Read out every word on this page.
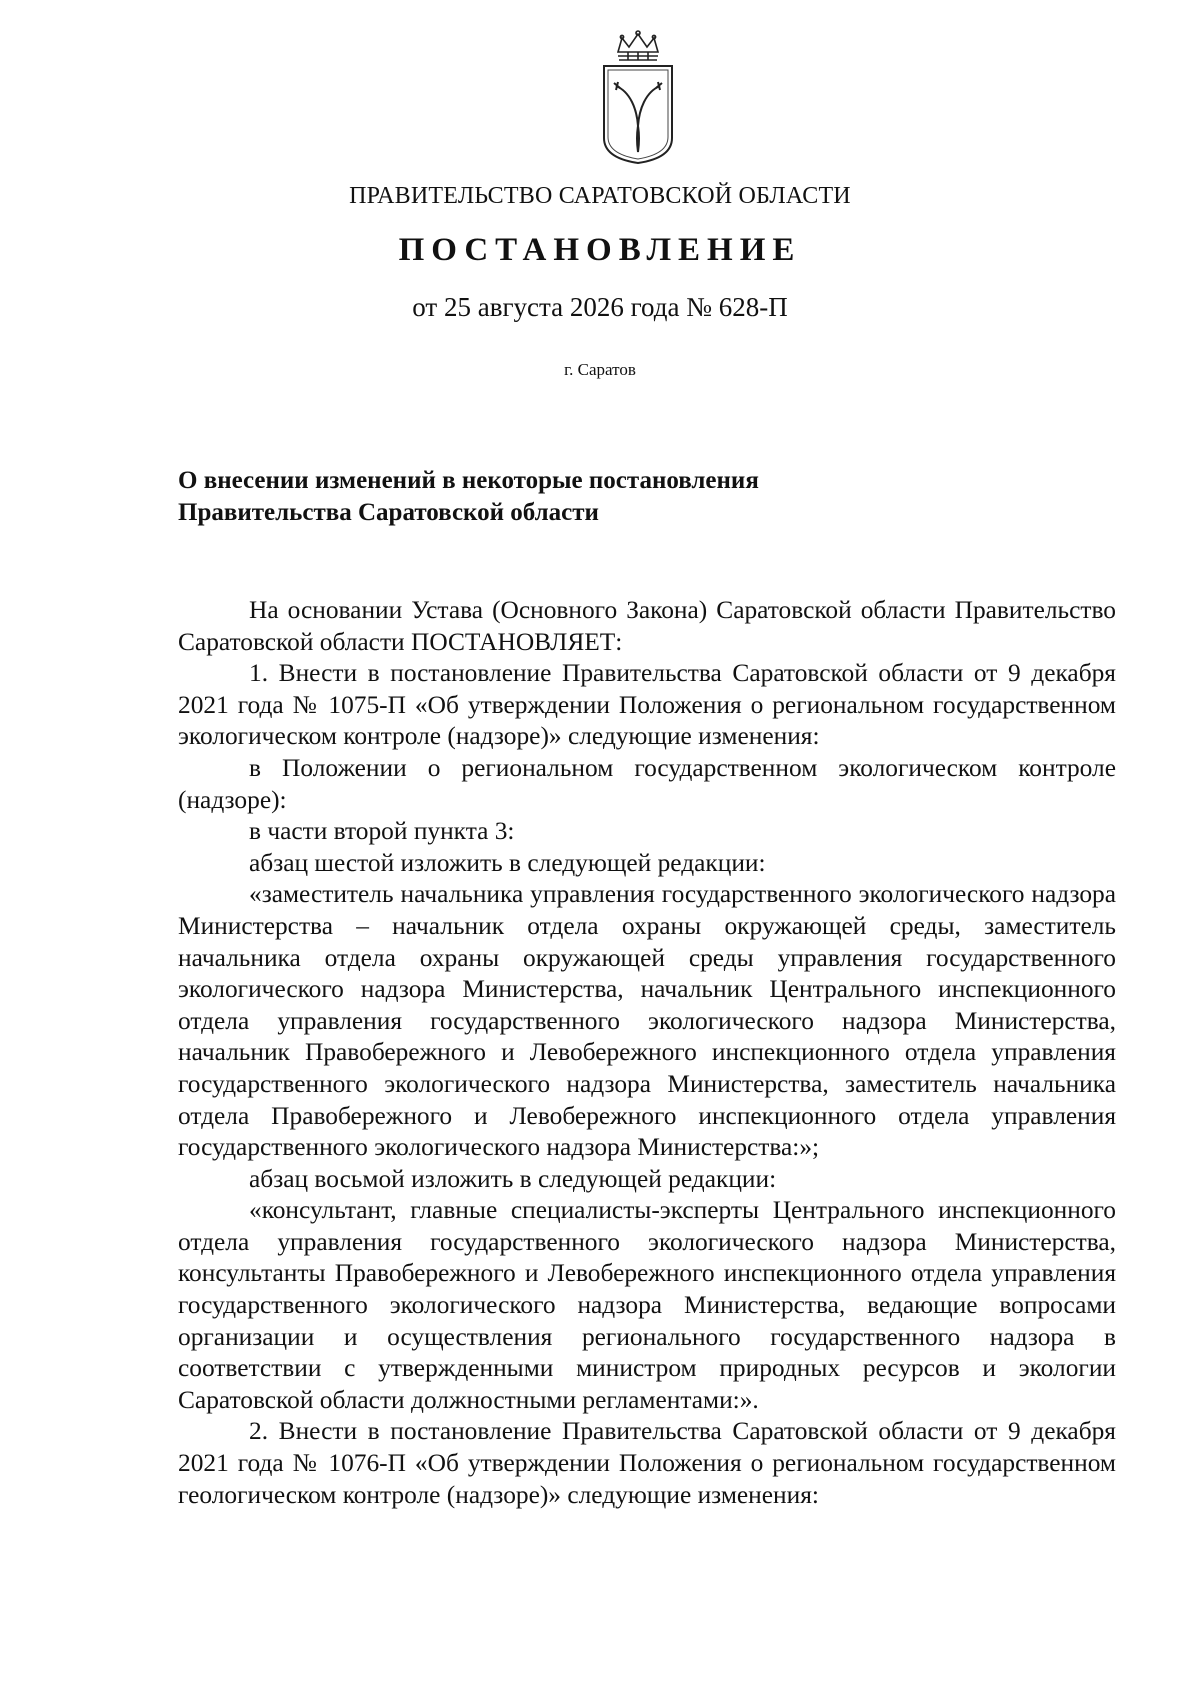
ПРАВИТЕЛЬСТВО САРАТОВСКОЙ ОБЛАСТИ
ПОСТАНОВЛЕНИЕ
от 25 августа 2026 года № 628-П
г. Саратов
О внесении изменений в некоторые постановления
Правительства Саратовской области

На основании Устава (Основного Закона) Саратовской области Правительство Саратовской области ПОСТАНОВЛЯЕТ:

1. Внести в постановление Правительства Саратовской области от 9 декабря 2021 года № 1075-П «Об утверждении Положения о региональном государственном экологическом контроле (надзоре)» следующие изменения:

в Положении о региональном государственном экологическом контроле (надзоре):

в части второй пункта 3:

абзац шестой изложить в следующей редакции:

«заместитель начальника управления государственного экологического надзора Министерства – начальник отдела охраны окружающей среды, заместитель начальника отдела охраны окружающей среды управления государственного экологического надзора Министерства, начальник Центрального инспекционного отдела управления государственного экологического надзора Министерства, начальник Правобережного и Левобережного инспекционного отдела управления государственного экологического надзора Министерства, заместитель начальника отдела Правобережного и Левобережного инспекционного отдела управления государственного экологического надзора Министерства:»;

абзац восьмой изложить в следующей редакции:

«консультант, главные специалисты-эксперты Центрального инспекционного отдела управления государственного экологического надзора Министерства, консультанты Правобережного и Левобережного инспекционного отдела управления государственного экологического надзора Министерства, ведающие вопросами организации и осуществления регионального государственного надзора в соответствии с утвержденными министром природных ресурсов и экологии Саратовской области должностными регламентами:».

2. Внести в постановление Правительства Саратовской области от 9 декабря 2021 года № 1076-П «Об утверждении Положения о региональном государственном геологическом контроле (надзоре)» следующие изменения:
